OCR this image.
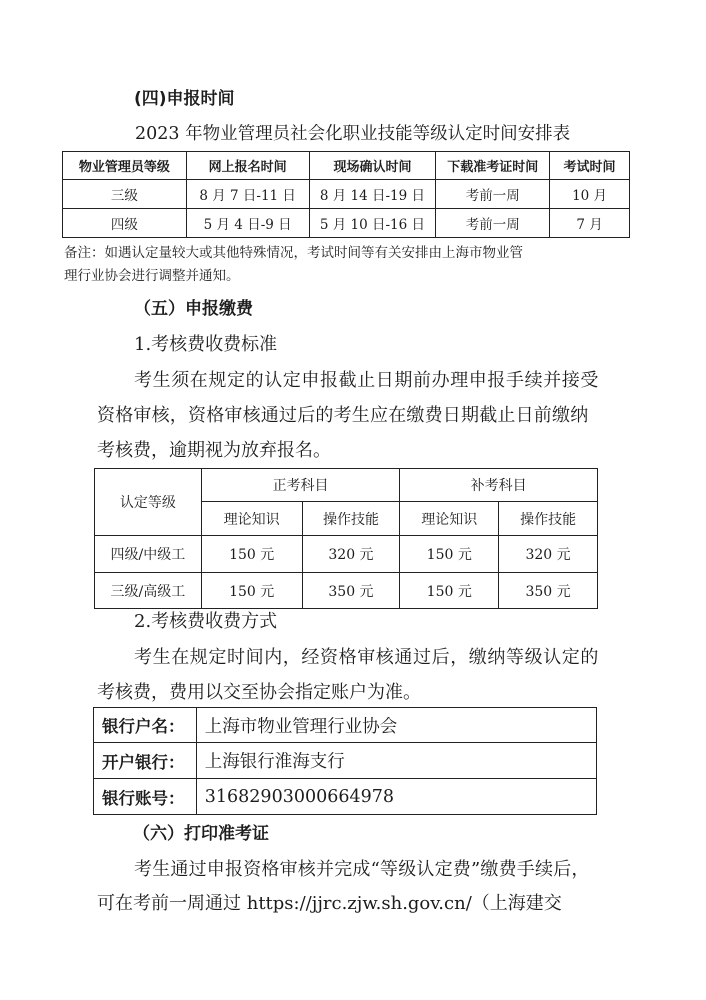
(四)申报时间
2023 年物业管理员社会化职业技能等级认定时间安排表
物业管理员等级	网上报名时间	现场确认时间	下载准考证时间	考试时间
三级	8 月 7 日-11 日	8 月 14 日-19 日	考前一周	10 月
四级	5 月 4 日-9 日	5 月 10 日-16 日	考前一周	7 月
备注：如遇认定量较大或其他特殊情况，考试时间等有关安排由上海市物业管
理行业协会进行调整并通知。
（五）申报缴费
1.考核费收费标准
考生须在规定的认定申报截止日期前办理申报手续并接受
资格审核，资格审核通过后的考生应在缴费日期截止日前缴纳
考核费，逾期视为放弃报名。
认定等级	正考科目		补考科目	
	理论知识	操作技能	理论知识	操作技能
四级/中级工	150 元	320 元	150 元	320 元
三级/高级工	150 元	350 元	150 元	350 元
2.考核费收费方式
考生在规定时间内，经资格审核通过后，缴纳等级认定的
考核费，费用以交至协会指定账户为准。
银行户名：	上海市物业管理行业协会
开户银行：	上海银行淮海支行
银行账号：	31682903000664978
（六）打印准考证
考生通过申报资格审核并完成“等级认定费”缴费手续后，
可在考前一周通过 https://jjrc.zjw.sh.gov.cn/（上海建交
